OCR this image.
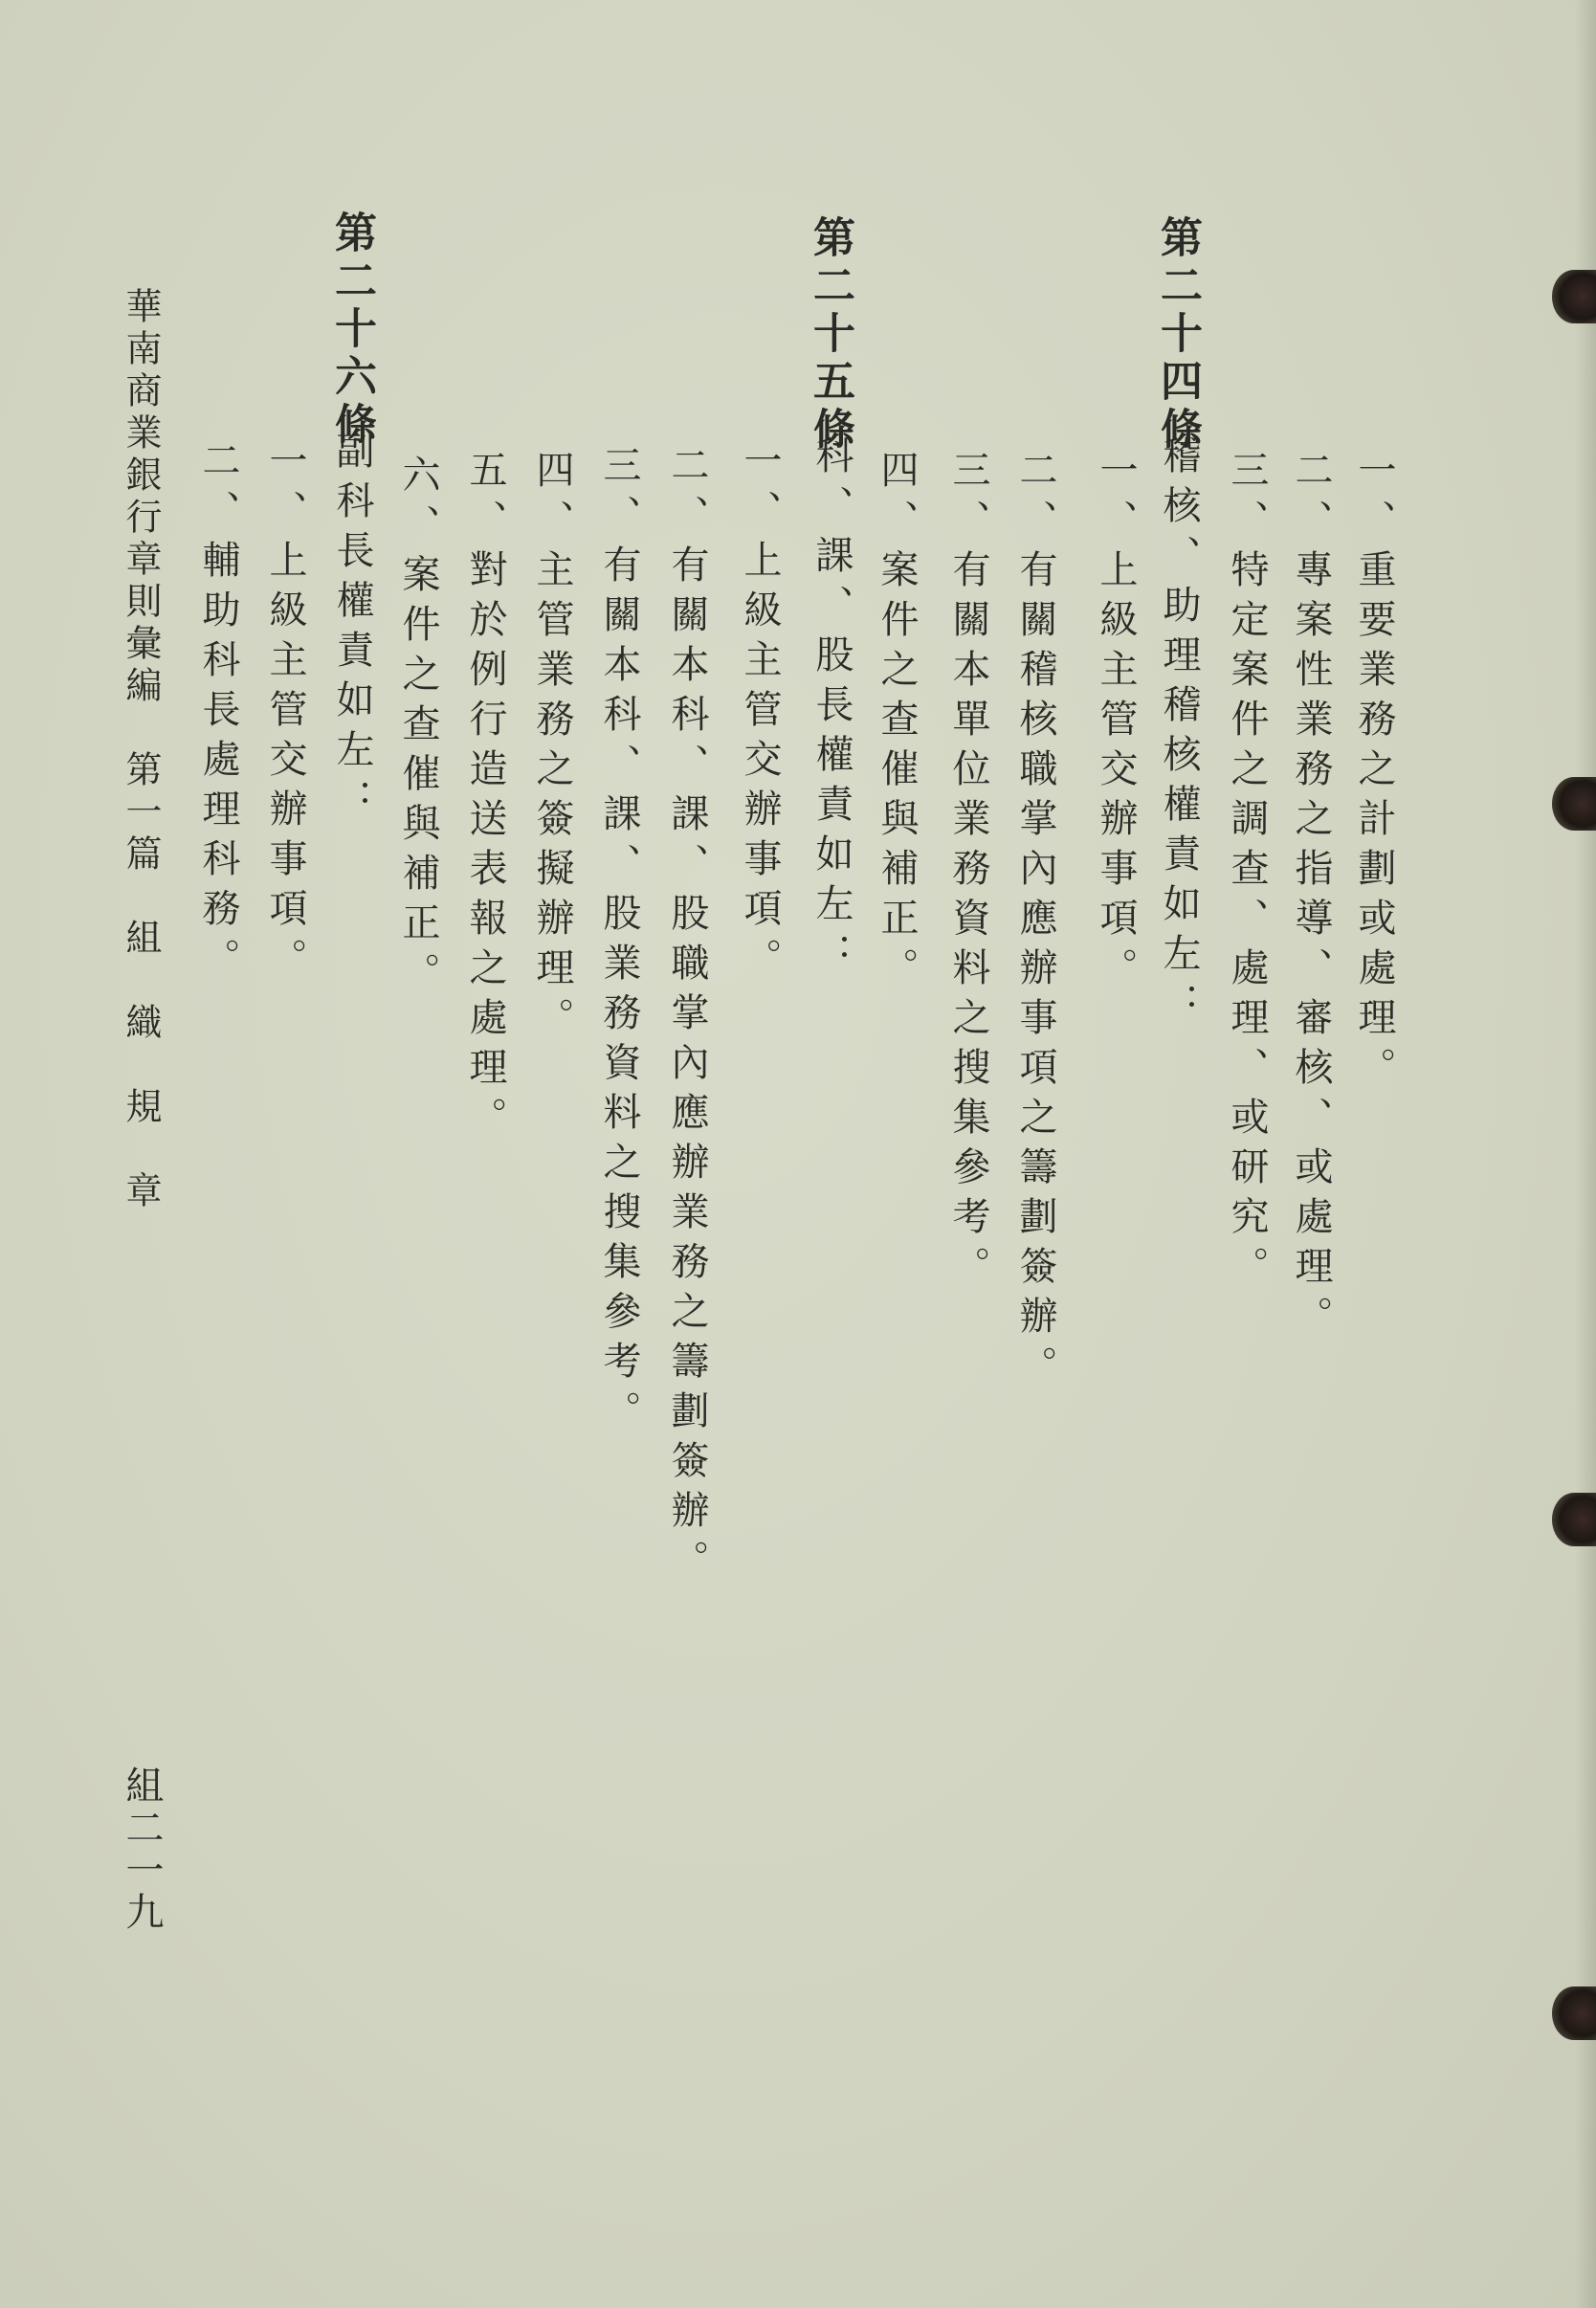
一、重要業務之計劃或處理。

二、專案性業務之指導、審核、或處理。

三、特定案件之調查、處理、或研究。

第二十四條

稽核、助理稽核權責如左：

一、上級主管交辦事項。

二、有關稽核職掌內應辦事項之籌劃簽辦。

三、有關本單位業務資料之搜集參考。

四、案件之查催與補正。

第二十五條

科、課、股長權責如左：

一、上級主管交辦事項。

二、有關本科、課、股職掌內應辦業務之籌劃簽辦。

三、有關本科、課、股業務資料之搜集參考。

四、主管業務之簽擬辦理。

五、對於例行造送表報之處理。

六、案件之查催與補正。

第二十六條

副科長權責如左：

一、上級主管交辦事項。

二、輔助科長處理科務。

華南商業銀行章則彙編　第一篇　組　織　規　章

組二一九
